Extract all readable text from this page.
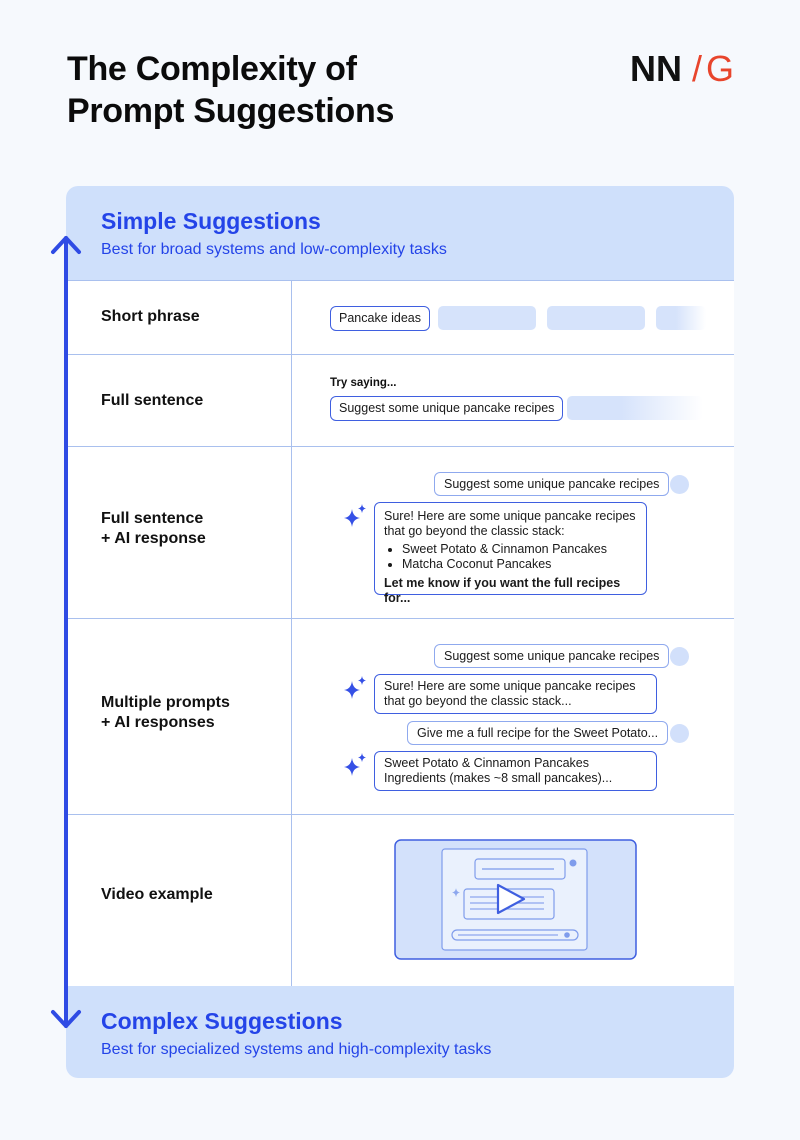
The Complexity of
Prompt Suggestions
NN / G
Simple Suggestions
Best for broad systems and low-complexity tasks
Short phrase	Pancake ideas
Full sentence
Try saying...
Suggest some unique pancake recipes
Full sentence
+ AI response
Suggest some unique pancake recipes
Sure! Here are some unique pancake recipes
that go beyond the classic stack:
• Sweet Potato & Cinnamon Pancakes
• Matcha Coconut Pancakes
Let me know if you want the full recipes for...
Multiple prompts
+ AI responses
Suggest some unique pancake recipes
Sure! Here are some unique pancake recipes
that go beyond the classic stack...
Give me a full recipe for the Sweet Potato...
Sweet Potato & Cinnamon Pancakes
Ingredients (makes ~8 small pancakes)...
Video example
Complex Suggestions
Best for specialized systems and high-complexity tasks
